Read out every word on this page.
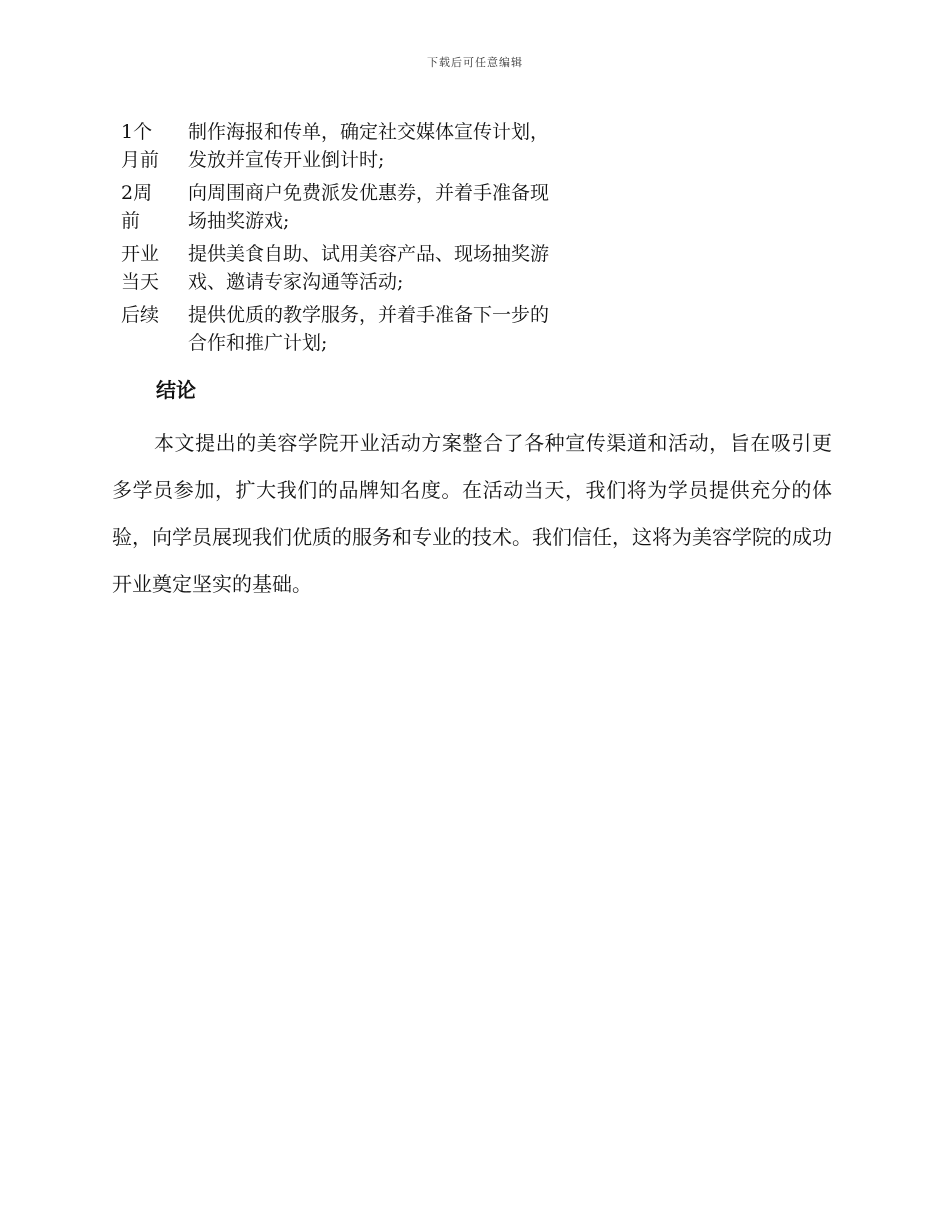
下载后可任意编辑
1个月前
制作海报和传单，确定社交媒体宣传计划，发放并宣传开业倒计时;
2周前
向周围商户免费派发优惠券，并着手准备现场抽奖游戏;
开业当天
提供美食自助、试用美容产品、现场抽奖游戏、邀请专家沟通等活动;
后续	提供优质的教学服务，并着手准备下一步的合作和推广计划;
结论

本文提出的美容学院开业活动方案整合了各种宣传渠道和活动，旨在吸引更多学员参加，扩大我们的品牌知名度。在活动当天，我们将为学员提供充分的体验，向学员展现我们优质的服务和专业的技术。我们信任，这将为美容学院的成功开业奠定坚实的基础。
